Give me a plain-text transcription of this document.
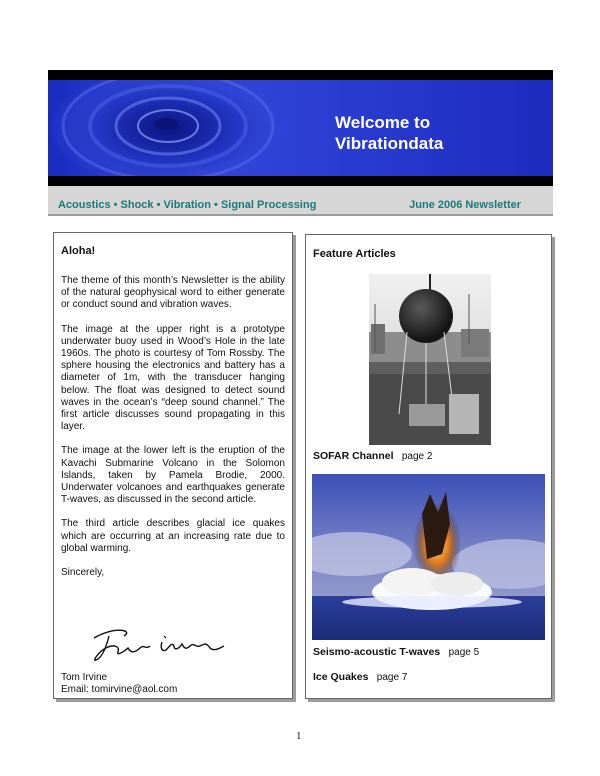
Welcome to
Vibrationdata
Acoustics • Shock • Vibration • Signal Processing	June 2006 Newsletter
Aloha!

The theme of this month’s Newsletter is the ability of the natural geophysical word to either generate or conduct sound and vibration waves.

The image at the upper right is a prototype underwater buoy used in Wood’s Hole in the late 1960s. The photo is courtesy of Tom Rossby. The sphere housing the electronics and battery has a diameter of 1m, with the transducer hanging below. The float was designed to detect sound waves in the ocean’s “deep sound channel.” The first article discusses sound propagating in this layer.

The image at the lower left is the eruption of the Kavachi Submarine Volcano in the Solomon Islands, taken by Pamela Brodie, 2000. Underwater volcanoes and earthquakes generate T-waves, as discussed in the second article.

The third article describes glacial ice quakes which are occurring at an increasing rate due to global warming.

Sincerely,
Tom Irvine
Email: tomirvine@aol.com
Feature Articles
SOFAR Channel page 2
Seismo-acoustic T-waves page 5
Ice Quakes page 7
1
